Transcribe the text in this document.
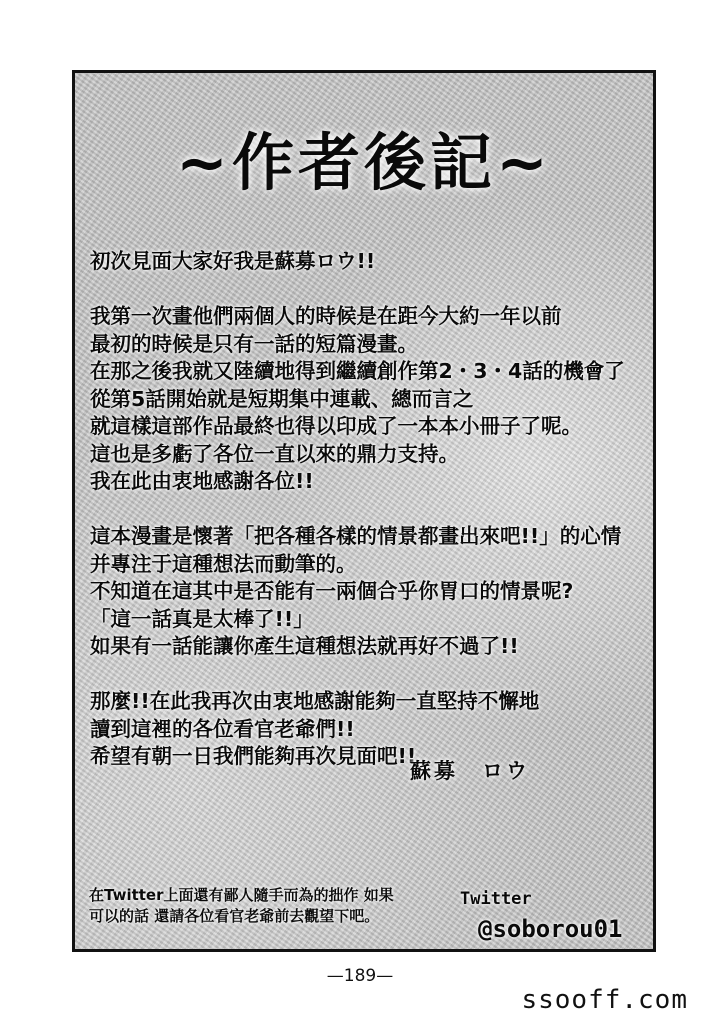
~作者後記~

初次見面大家好我是蘇募ロウ!!

我第一次畫他們兩個人的時候是在距今大約一年以前
最初的時候是只有一話的短篇漫畫。
在那之後我就又陸續地得到繼續創作第2・3・4話的機會了
從第5話開始就是短期集中連載、總而言之
就這樣這部作品最終也得以印成了一本本小冊子了呢。
這也是多虧了各位一直以來的鼎力支持。
我在此由衷地感謝各位!!

這本漫畫是懷著「把各種各樣的情景都畫出來吧!!」的心情
并專注于這種想法而動筆的。
不知道在這其中是否能有一兩個合乎你胃口的情景呢?
「這一話真是太棒了!!」
如果有一話能讓你產生這種想法就再好不過了!!

那麼!!在此我再次由衷地感謝能夠一直堅持不懈地
讀到這裡的各位看官老爺們!!
希望有朝一日我們能夠再次見面吧!!

蘇募　ロウ
在Twitter上面還有鄙人隨手而為的拙作 如果
可以的話 還請各位看官老爺前去觀望下吧。
Twitter
@soborou01
—189—
ssooff.com
